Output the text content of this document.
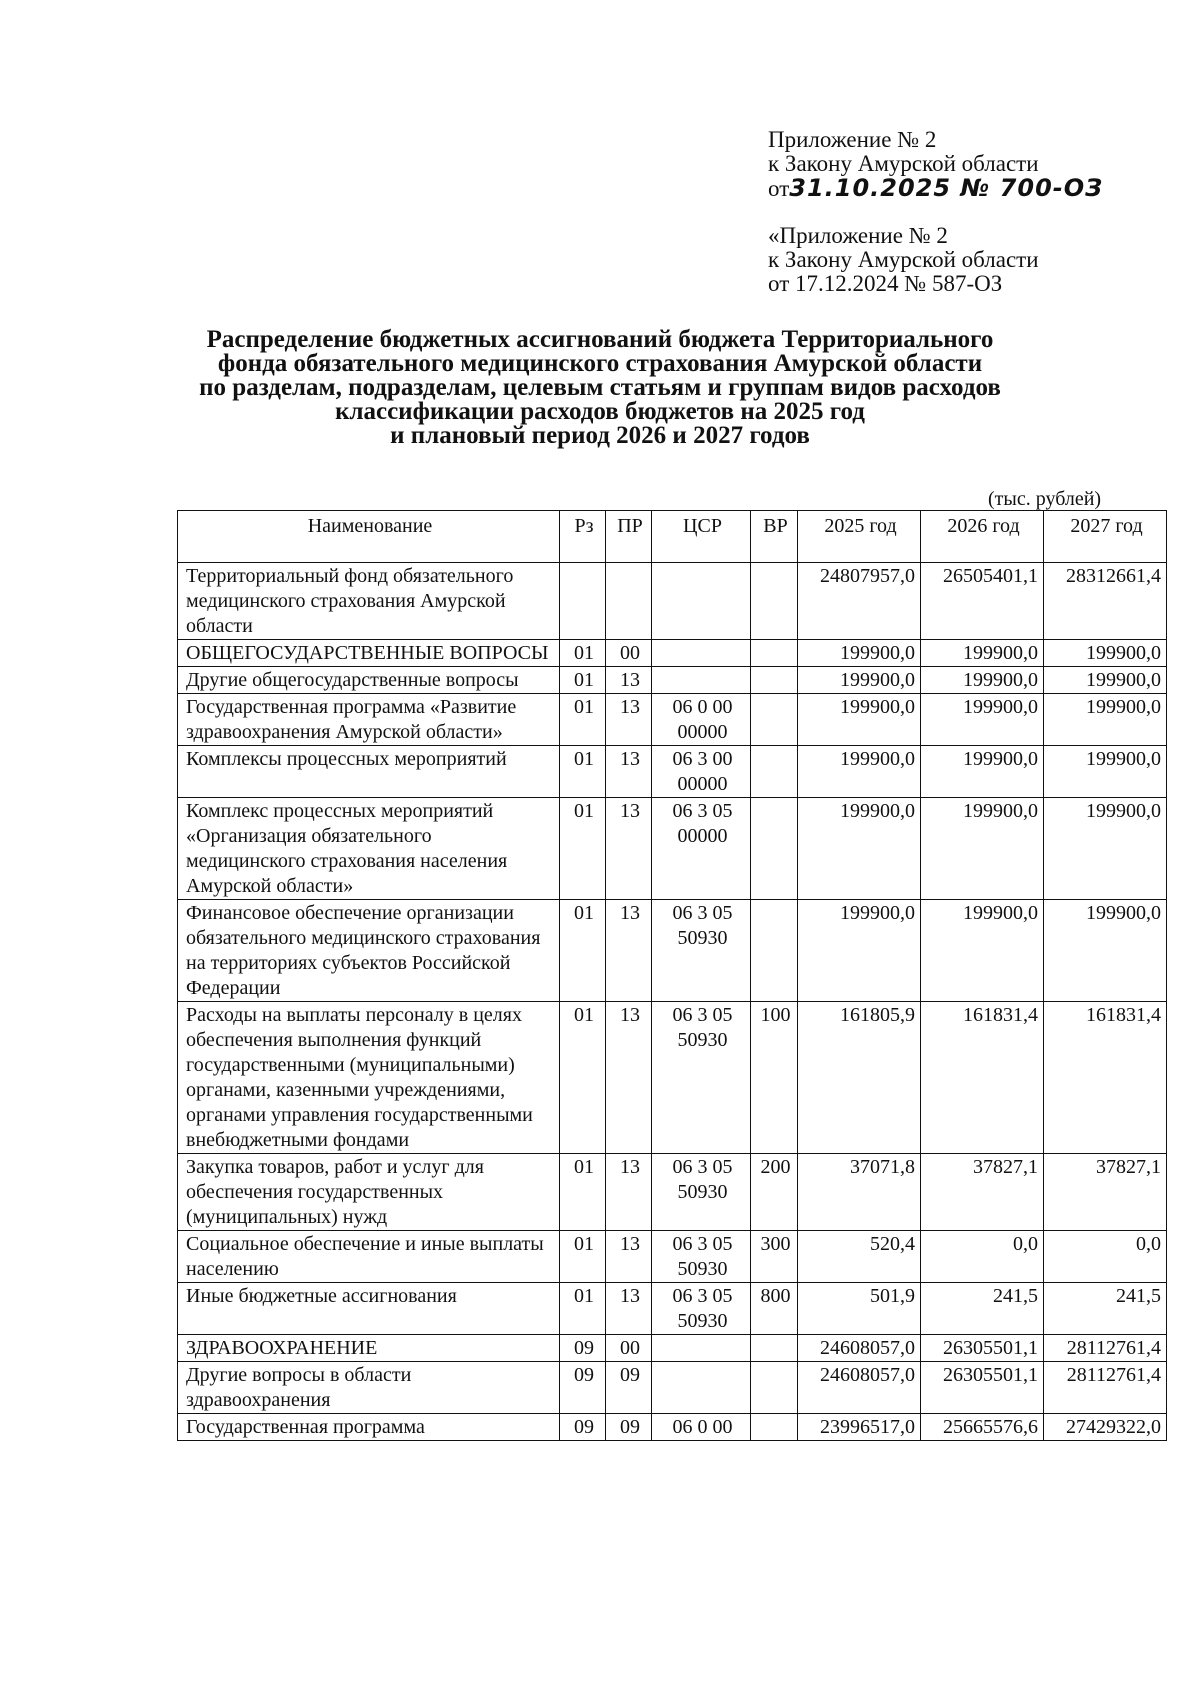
Приложение № 2
к Закону Амурской области
от31.10.2025 № 700-ОЗ
«Приложение № 2
к Закону Амурской области
от 17.12.2024 № 587-ОЗ
Распределение бюджетных ассигнований бюджета Территориального
фонда обязательного медицинского страхования Амурской области
по разделам, подразделам, целевым статьям и группам видов расходов
классификации расходов бюджетов на 2025 год
и плановый период 2026 и 2027 годов
(тыс. рублей)
Наименование	Рз	ПР	ЦСР	ВР	2025 год	2026 год	2027 год
Территориальный фонд обязательного медицинского страхования Амурской области					24807957,0	26505401,1	28312661,4
ОБЩЕГОСУДАРСТВЕННЫЕ ВОПРОСЫ	01	00			199900,0	199900,0	199900,0
Другие общегосударственные вопросы	01	13			199900,0	199900,0	199900,0
Государственная программа «Развитие здравоохранения Амурской области»	01	13	06 0 00 00000		199900,0	199900,0	199900,0
Комплексы процессных мероприятий	01	13	06 3 00 00000		199900,0	199900,0	199900,0
Комплекс процессных мероприятий «Организация обязательного медицинского страхования населения Амурской области»	01	13	06 3 05 00000		199900,0	199900,0	199900,0
Финансовое обеспечение организации обязательного медицинского страхования на территориях субъектов Российской Федерации	01	13	06 3 05 50930		199900,0	199900,0	199900,0
Расходы на выплаты персоналу в целях обеспечения выполнения функций государственными (муниципальными) органами, казенными учреждениями, органами управления государственными внебюджетными фондами	01	13	06 3 05 50930	100	161805,9	161831,4	161831,4
Закупка товаров, работ и услуг для обеспечения государственных (муниципальных) нужд	01	13	06 3 05 50930	200	37071,8	37827,1	37827,1
Социальное обеспечение и иные выплаты населению	01	13	06 3 05 50930	300	520,4	0,0	0,0
Иные бюджетные ассигнования	01	13	06 3 05 50930	800	501,9	241,5	241,5
ЗДРАВООХРАНЕНИЕ	09	00			24608057,0	26305501,1	28112761,4
Другие вопросы в области здравоохранения	09	09			24608057,0	26305501,1	28112761,4
Государственная программа	09	09	06 0 00		23996517,0	25665576,6	27429322,0
